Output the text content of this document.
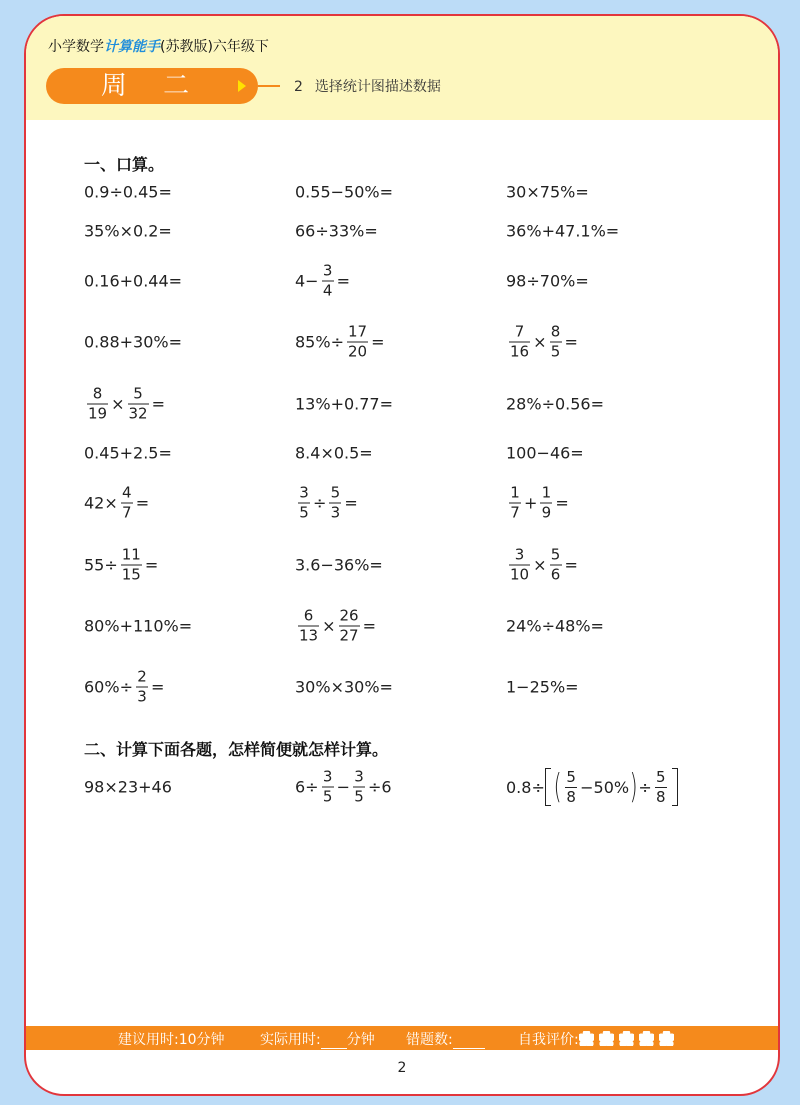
小学数学计算能手(苏教版)六年级下
周 二	2 选择统计图描述数据
一、口算。
0.9÷0.45=	0.55−50%=	30×75%=
35%×0.2=	66÷33%=	36%+47.1%=
0.16+0.44=	$4- \frac{3}{4}$ =	98÷70%=
0.88+30%=	$85\%\div \frac{17}{20}$ =	$\frac{7}{16} \times \frac{8}{5}$ =
$\frac{8}{19} \times \frac{5}{32}$ =	13%+0.77=	28%÷0.56=
0.45+2.5=	8.4×0.5=	100−46=
$42\times \frac{4}{7}$ =	$\frac{3}{5} \div \frac{5}{3}$ =	$\frac{1}{7} + \frac{1}{9}$ =
$55\div \frac{11}{15}$ =	3.6−36%=	$\frac{3}{10} \times \frac{5}{6}$ =
80%+110%=	$\frac{6}{13} \times \frac{26}{27}$ =	24%÷48%=
$60\%\div \frac{2}{3}$ =	30%×30%=	1−25%=
二、计算下面各题，怎样简便就怎样计算。
98×23+46	$6\div \frac{3}{5} - \frac{3}{5} \div 6$	0.8÷ ( $\frac{5}{8} -50\%$ ) ÷ $\frac{5}{8}$
建议用时:10分钟	实际用时: 分钟 错题数:	自我评价:
2
